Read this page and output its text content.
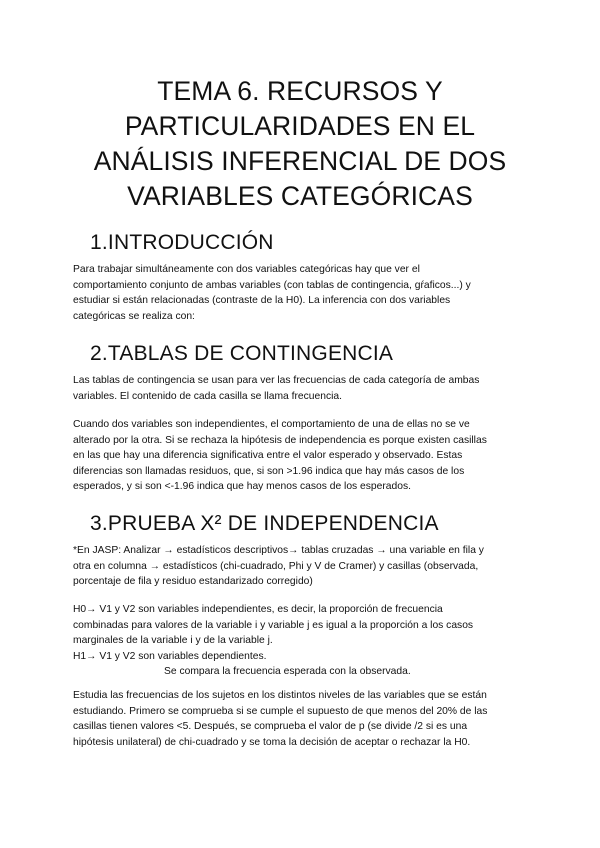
TEMA 6. RECURSOS Y
PARTICULARIDADES EN EL
ANÁLISIS INFERENCIAL DE DOS
VARIABLES CATEGÓRICAS
1.INTRODUCCIÓN
Para trabajar simultáneamente con dos variables categóricas hay que ver el
comportamiento conjunto de ambas variables (con tablas de contingencia, gŕaficos...) y
estudiar si están relacionadas (contraste de la H0). La inferencia con dos variables
categóricas se realiza con:
2.TABLAS DE CONTINGENCIA
Las tablas de contingencia se usan para ver las frecuencias de cada categoría de ambas
variables. El contenido de cada casilla se llama frecuencia.
Cuando dos variables son independientes, el comportamiento de una de ellas no se ve
alterado por la otra. Si se rechaza la hipótesis de independencia es porque existen casillas
en las que hay una diferencia significativa entre el valor esperado y observado. Estas
diferencias son llamadas residuos, que, si son >1.96 indica que hay más casos de los
esperados, y si son <-1.96 indica que hay menos casos de los esperados.
3.PRUEBA X² DE INDEPENDENCIA
*En JASP: Analizar → estadísticos descriptivos→ tablas cruzadas → una variable en fila y
otra en columna → estadísticos (chi-cuadrado, Phi y V de Cramer) y casillas (observada,
porcentaje de fila y residuo estandarizado corregido)
H0→ V1 y V2 son variables independientes, es decir, la proporción de frecuencia
combinadas para valores de la variable i y variable j es igual a la proporción a los casos
marginales de la variable i y de la variable j.
H1→ V1 y V2 son variables dependientes.
Se compara la frecuencia esperada con la observada.
Estudia las frecuencias de los sujetos en los distintos niveles de las variables que se están
estudiando. Primero se comprueba si se cumple el supuesto de que menos del 20% de las
casillas tienen valores <5. Después, se comprueba el valor de p (se divide /2 si es una
hipótesis unilateral) de chi-cuadrado y se toma la decisión de aceptar o rechazar la H0.
